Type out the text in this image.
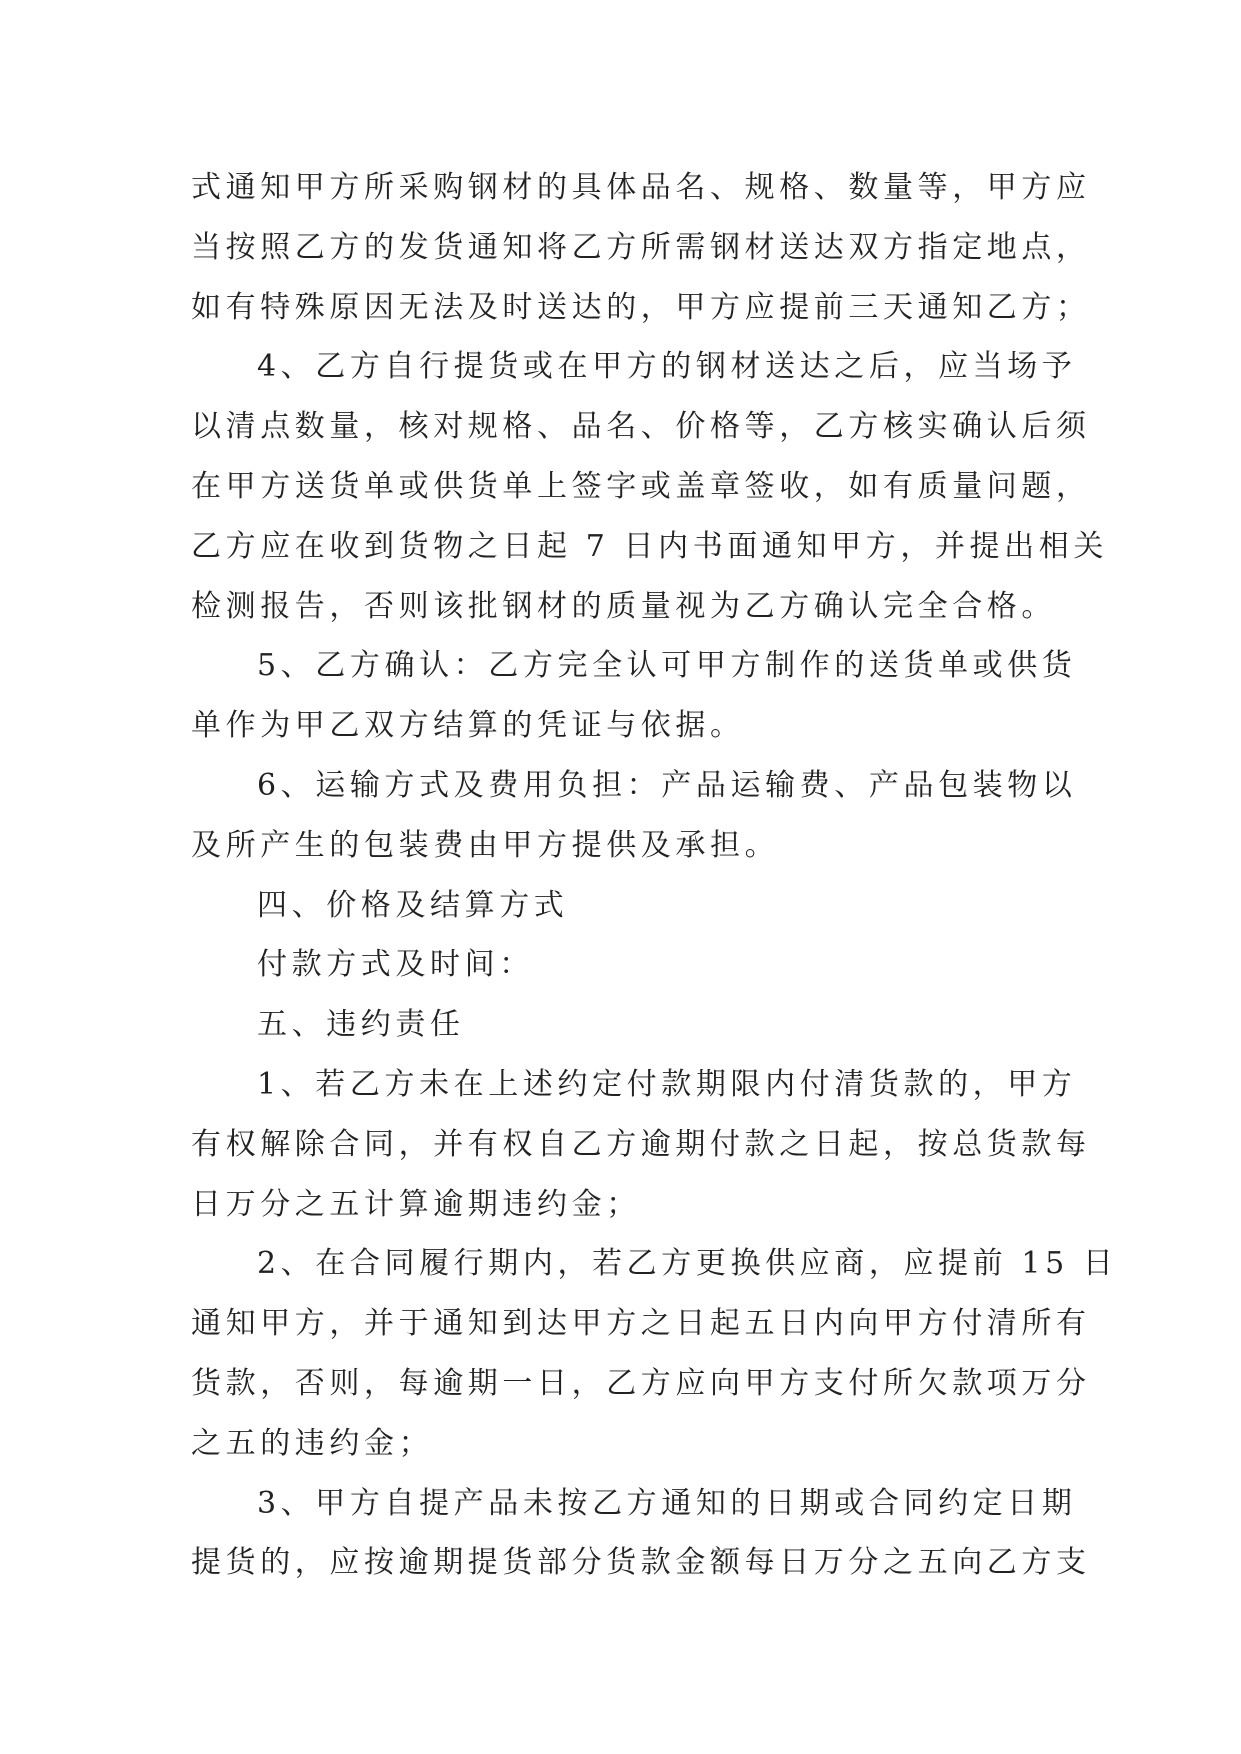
式通知甲方所采购钢材的具体品名、规格、数量等，甲方应
当按照乙方的发货通知将乙方所需钢材送达双方指定地点，
如有特殊原因无法及时送达的，甲方应提前三天通知乙方；
4、乙方自行提货或在甲方的钢材送达之后，应当场予
以清点数量，核对规格、品名、价格等，乙方核实确认后须
在甲方送货单或供货单上签字或盖章签收，如有质量问题，
乙方应在收到货物之日起 7 日内书面通知甲方，并提出相关
检测报告，否则该批钢材的质量视为乙方确认完全合格。
5、乙方确认：乙方完全认可甲方制作的送货单或供货
单作为甲乙双方结算的凭证与依据。
6、运输方式及费用负担：产品运输费、产品包装物以
及所产生的包装费由甲方提供及承担。
四、价格及结算方式
付款方式及时间：
五、违约责任
1、若乙方未在上述约定付款期限内付清货款的，甲方
有权解除合同，并有权自乙方逾期付款之日起，按总货款每
日万分之五计算逾期违约金；
2、在合同履行期内，若乙方更换供应商，应提前 15 日
通知甲方，并于通知到达甲方之日起五日内向甲方付清所有
货款，否则，每逾期一日，乙方应向甲方支付所欠款项万分
之五的违约金；
3、甲方自提产品未按乙方通知的日期或合同约定日期
提货的，应按逾期提货部分货款金额每日万分之五向乙方支
